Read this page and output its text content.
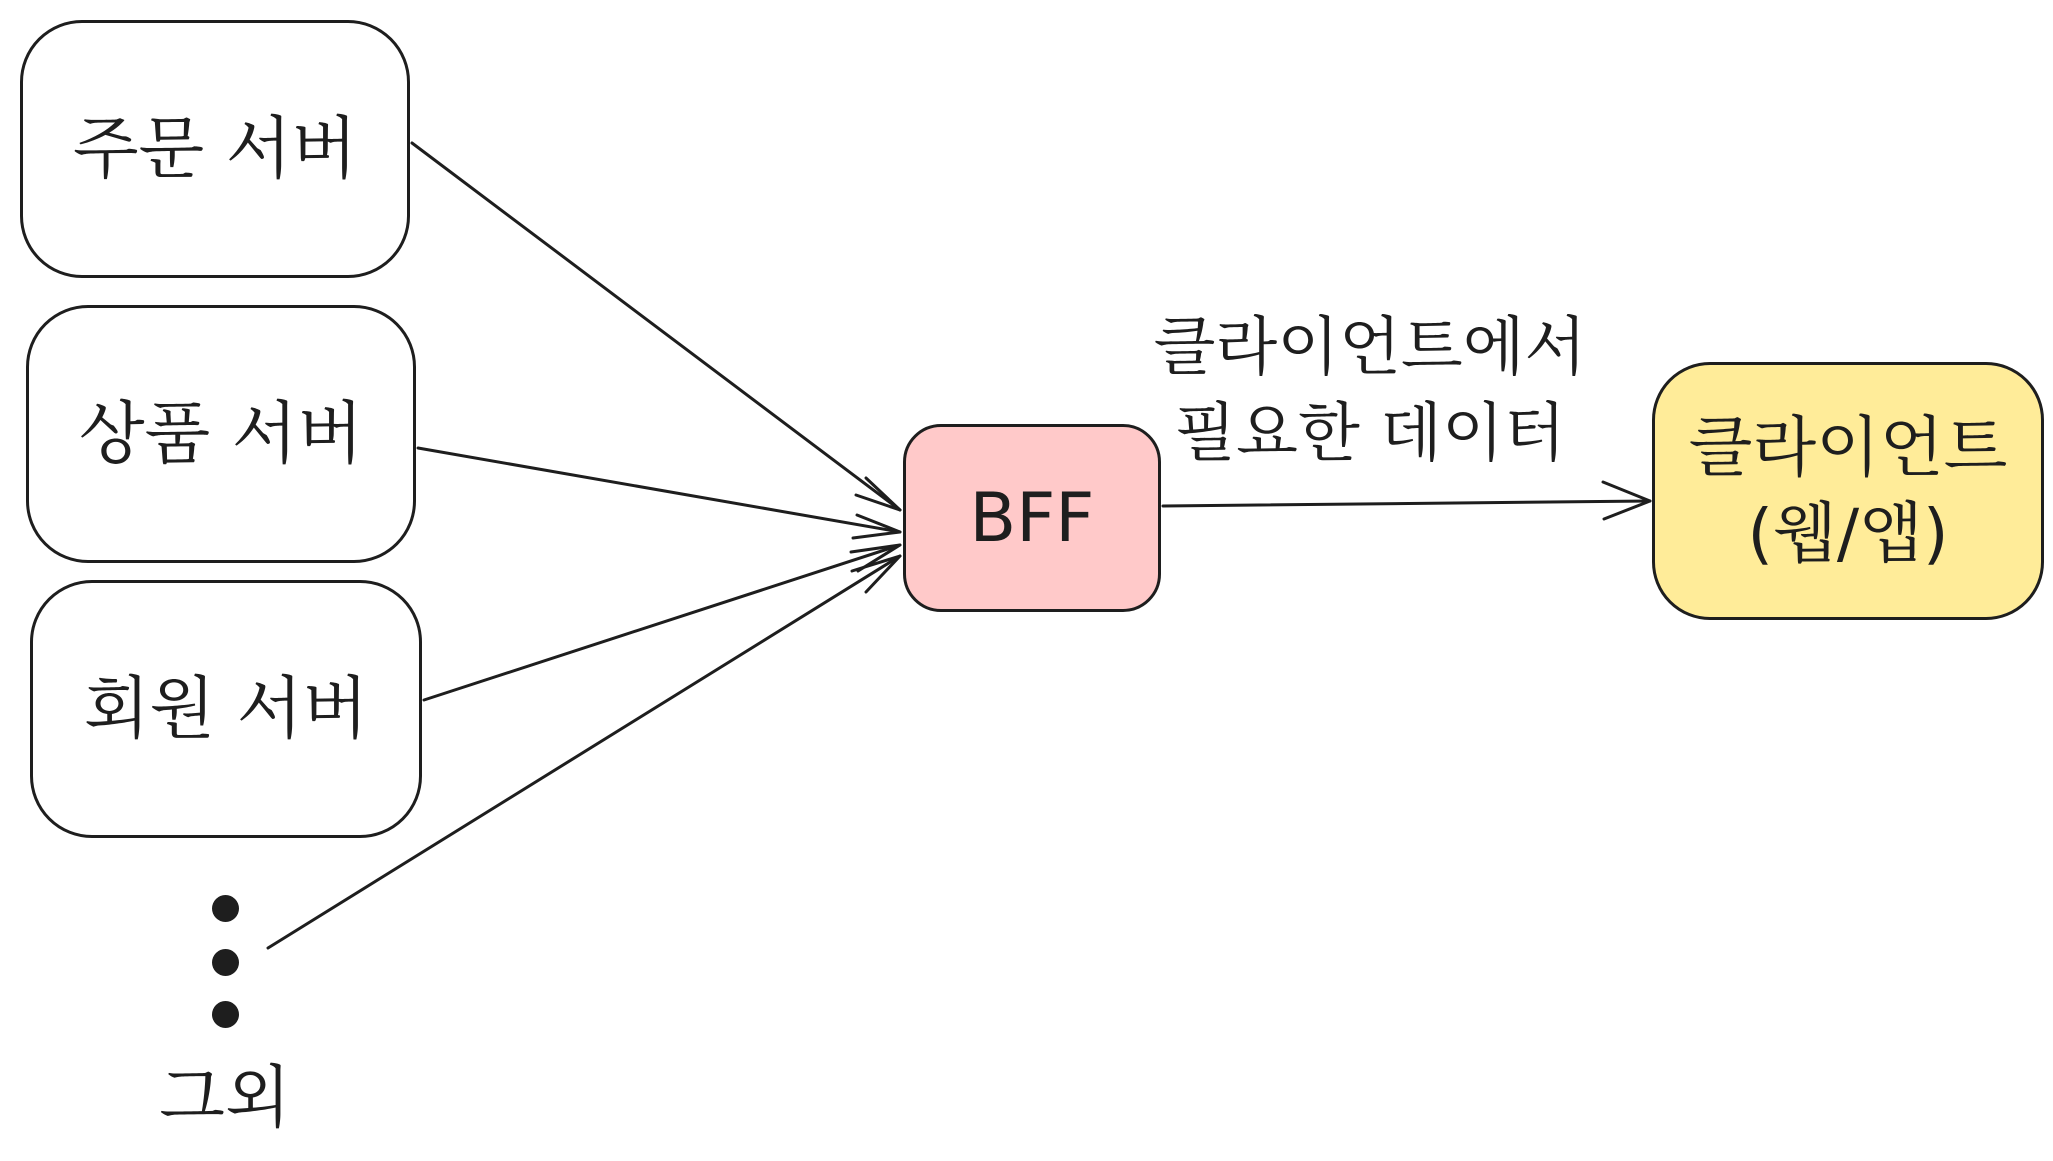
주문 서버
상품 서버
회원 서버
그외
BFF
클라이언트에서
필요한 데이터	클라이언트
(웹/앱)
